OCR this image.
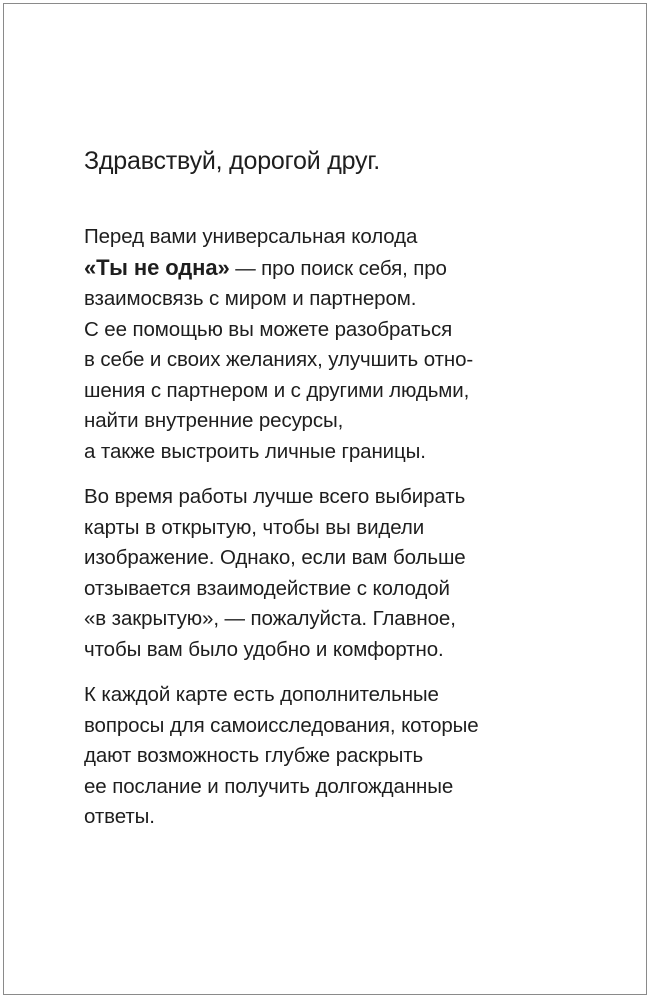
Здравствуй, дорогой друг.
Перед вами универсальная колода
«Ты не одна» — про поиск себя, про
взаимосвязь с миром и партнером.
С ее помощью вы можете разобраться
в себе и своих желаниях, улучшить отно-
шения с партнером и с другими людьми,
найти внутренние ресурсы,
а также выстроить личные границы.
Во время работы лучше всего выбирать
карты в открытую, чтобы вы видели
изображение. Однако, если вам больше
отзывается взаимодействие с колодой
«в закрытую», — пожалуйста. Главное,
чтобы вам было удобно и комфортно.
К каждой карте есть дополнительные
вопросы для самоисследования, которые
дают возможность глубже раскрыть
ее послание и получить долгожданные
ответы.
